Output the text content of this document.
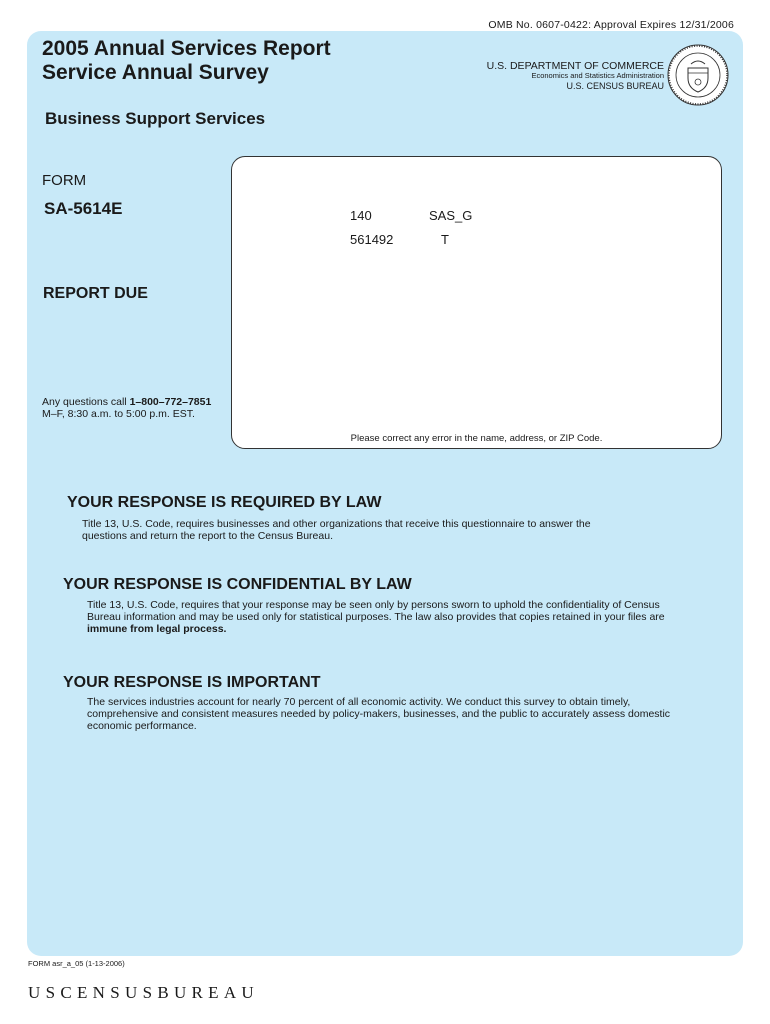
OMB No. 0607-0422: Approval Expires 12/31/2006
2005 Annual Services Report
Service Annual Survey	U.S. DEPARTMENT OF COMMERCE
Economics and Statistics Administration
U.S. CENSUS BUREAU
Business Support Services
FORM
SA-5614E
REPORT DUE
Any questions call 1–800–772–7851
M–F, 8:30 a.m. to 5:00 p.m. EST.
140	SAS_G
561492	T
Please correct any error in the name, address, or ZIP Code.
YOUR RESPONSE IS REQUIRED BY LAW
Title 13, U.S. Code, requires businesses and other organizations that receive this questionnaire to answer the
questions and return the report to the Census Bureau.
YOUR RESPONSE IS CONFIDENTIAL BY LAW
Title 13, U.S. Code, requires that your response may be seen only by persons sworn to uphold the confidentiality of Census
Bureau information and may be used only for statistical purposes. The law also provides that copies retained in your files are
immune from legal process.
YOUR RESPONSE IS IMPORTANT
The services industries account for nearly 70 percent of all economic activity. We conduct this survey to obtain timely,
comprehensive and consistent measures needed by policy-makers, businesses, and the public to accurately assess domestic
economic performance.
FORM asr_a_05 (1-13-2006)
USCENSUSBUREAU
